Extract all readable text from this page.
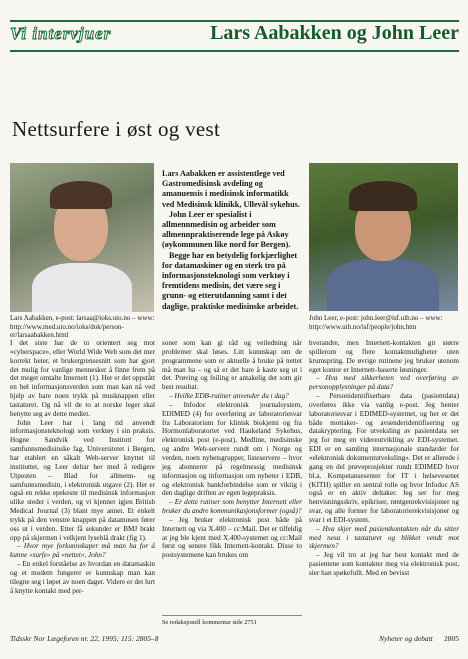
Vi intervjuer	Lars Aabakken og John Leer
Nettsurfere i øst og vest
Lars Aabakken, e-post: larsaa@ioks.uio.no – www: http://www.med.uio.no/ioks/dok/person-er/larsaabakken.html
John Leer, e-post: john.leer@isf.uib.no – www: http://www.uib.no/isf/people/john.htm

Lars Aabakken er assistentlege ved Gastromedisinsk avdeling og amanuensis i medisinsk informatikk ved Medisinsk klinikk, Ullevål sykehus.

John Leer er spesialist i allmennmedisin og arbeider som allmennpraktiserende lege på Askøy (øykommunen like nord for Bergen).

Begge har en betydelig forkjærlighet for datamaskiner og en sterk tro på informasjonsteknologi som verktøy i fremtidens medisin, det være seg i grunn- og etterutdanning samt i det daglige, praktiske medisinske arbeidet.

I det siste har de to orientert seg mot «cyberspace», eller World Wide Web som det mer korrekt heter, et brukergrensesnitt som har gjort det mulig for vanlige mennesker å finne frem på det meget omtalte Internett (1). Her er det oppstått en bøl informasjonsverden som man kan nå ved hjelp av bare noen trykk på musknappen eller tastaturet. Og nå vil de to at norske leger skal benytte seg av dette mediet.

John Leer har i lang tid anvendt informasjonsteknologi som verktøy i sin praksis. Hogne Sandvik ved Institutt for samfunnsmedisinske fag, Universitetet i Bergen, har etablert en såkalt Web-server knyttet til instituttet, og Leer deltar her med å redigere Utposten – Blad for allmenn- og samfunnsmedisin, i elektronisk utgave (2). Her er også en rekke epekesnr til medisinsk informasjon ulike steder i verden, og vi kjenner igjen British Medical Journal (3) blant mye annet. Et enkelt trykk på den venstre knappen på datamusen fører oss ut i verden. Etter få sekunder er BMJ brakt opp på skjermen i velkjent lyseblå drakt (fig 1).

– Hvor mye forkunnskaper må man ha for å kunne «surfe» på «nettet», John?

– En enkel forståelse av hvordan en datamaskin og et modem fungerer er kunnskap man kan tilegne seg i løpet av noen dager. Videre er det lurt å knytte kontakt med per-

soner som kan gi råd og veiledning når problemer skal løses. Litt kunnskap om de programmene som er aktuelle å bruke på nettet må man ha – og så er det bare å kaste seg ut i det. Prøving og feiling er antakelig det som gir best resultat.

– Hvilke EDB-rutiner anvender du i dag?

– Infodoc elektronisk journalsystem, EDIMED (4) for overføring av laboratoriesvar fra Laboratorium for klinisk biokjemi og fra Hormonlaboratoriet ved Haukeland Sykehus, elektronisk post (e-post), Medline, medisinske og andre Web-servere rundt om i Norge og verden, noen nyhetsgrupper, listeservere – hvor jeg abonnerer på regelmessig medisinsk informasjon og informasjon om nyheter i EDB, og elektronisk bankforbindelse som er viktig i den daglige driften av egen legepraksis.

– Er dette rutiner som benytter Internett eller bruker du andre kommunikasjonsformer (også)?

– Jeg bruker elektronisk post både på Internett og via X.400 – cc:Mail. Det er tilfeldig at jeg ble kjent med X.400-systemet og cc:Mail først og senere fikk Internett-kontakt. Disse to postsystemene kan brukes om

hverandre, men Internett-kontakten gir større spillerom og flere kontaktmuligheter uten krumspring. De øvrige rutinene jeg bruker utenom eget kontor er Internett-baserte løsninger.

– Hva med sikkerheten ved overføring av personopplysninger på data?

– Personidentifiserbare data (pasientdata) overføres ikke via vanlig e-post. Jeg henter laboratoriesvar i EDIMED-systemet, og her er det både mottaker- og avsenderidentifisering og datakryptering. For utveksling av pasientdata ser jeg for meg en videreutvikling av EDI-systemet. EDI er en samling internasjonale standarder for «elektronisk dokumentutveksling». Det er allerede i gang en del prøveprosjekter rundt EDIMED hvor bl.a. Kompetansesenter for IT i helsevesenet (KITH) spiller en sentral rolle og hvor Infodoc AS også er en aktiv deltaker. Jeg ser for meg henvisningsskriv, epikriser, røntgenrekvisisjoner og svar, og alle former for laboratorierekvisisjoner og svar i et EDI-system.

– Hva skjer med pasientkontakten når du sitter med nesa i tastaturet og blikket vendt mot skjermen?

– Jeg vil tro at jeg har best kontakt med de pasientene som kontakter meg via elektronisk post, sier han spøkefullt. Med en bevisst

Se redaksjonell kommentar side 2751
Tidsskr Nor Lægeforen nr. 22, 1995; 115: 2805–8	Nyheter og debatt 2805
